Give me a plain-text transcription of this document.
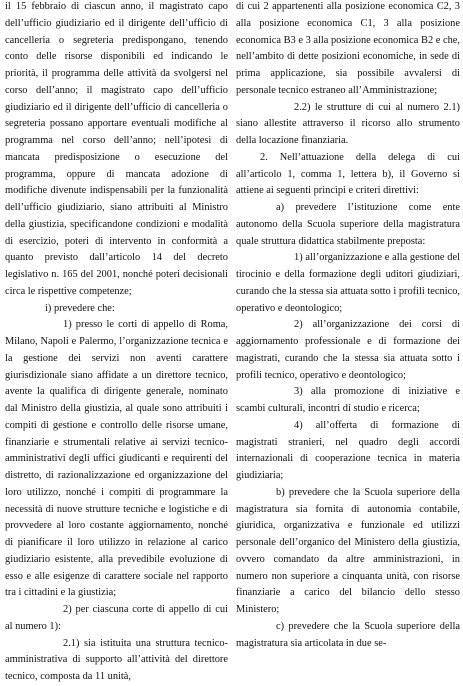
il 15 febbraio di ciascun anno, il magistrato capo dell’ufficio giudiziario ed il dirigente dell’ufficio di cancelleria o segreteria predispongano, tenendo conto delle risorse disponibili ed indicando le priorità, il programma delle attività da svolgersi nel corso dell’anno; il magistrato capo dell’ufficio giudiziario ed il dirigente dell’ufficio di cancelleria o segreteria possano apportare eventuali modifiche al programma nel corso dell’anno; nell’ipotesi di mancata predisposizione o esecuzione del programma, oppure di mancata adozione di modifiche divenute indispensabili per la funzionalità dell’ufficio giudiziario, siano attribuiti al Ministro della giustizia, specificandone condizioni e modalità di esercizio, poteri di intervento in conformità a quanto previsto dall’articolo 14 del decreto legislativo n. 165 del 2001, nonché poteri decisionali circa le rispettive competenze;

i) prevedere che:

1) presso le corti di appello di Roma, Milano, Napoli e Palermo, l’organizzazione tecnica e la gestione dei servizi non aventi carattere giurisdizionale siano affidate a un direttore tecnico, avente la qualifica di dirigente generale, nominato dal Ministro della giustizia, al quale sono attribuiti i compiti di gestione e controllo delle risorse umane, finanziarie e strumentali relative ai servizi tecnico-amministrativi degli uffici giudicanti e requirenti del distretto, di razionalizzazione ed organizzazione del loro utilizzo, nonché i compiti di programmare la necessità di nuove strutture tecniche e logistiche e di provvedere al loro costante aggiornamento, nonché di pianificare il loro utilizzo in relazione al carico giudiziario esistente, alla prevedibile evoluzione di esso e alle esigenze di carattere sociale nel rapporto tra i cittadini e la giustizia;

2) per ciascuna corte di appello di cui al numero 1):

2.1) sia istituita una struttura tecnico-amministrativa di supporto all’attività del direttore tecnico, composta da 11 unità,

di cui 2 appartenenti alla posizione economica C2, 3 alla posizione economica C1, 3 alla posizione economica B3 e 3 alla posizione economica B2 e che, nell’ambito di dette posizioni economiche, in sede di prima applicazione, sia possibile avvalersi di personale tecnico estraneo all’Amministrazione;

2.2) le strutture di cui al numero 2.1) siano allestite attraverso il ricorso allo strumento della locazione finanziaria.

2. Nell’attuazione della delega di cui all’articolo 1, comma 1, lettera b), il Governo si attiene ai seguenti princìpi e criteri direttivi:

a) prevedere l’istituzione come ente autonomo della Scuola superiore della magistratura quale struttura didattica stabilmente preposta:

1) all’organizzazione e alla gestione del tirocinio e della formazione degli uditori giudiziari, curando che la stessa sia attuata sotto i profili tecnico, operativo e deontologico;

2) all’organizzazione dei corsi di aggiornamento professionale e di formazione dei magistrati, curando che la stessa sia attuata sotto i profili tecnico, operativo e deontologico;

3) alla promozione di iniziative e scambi culturali, incontri di studio e ricerca;

4) all’offerta di formazione di magistrati stranieri, nel quadro degli accordi internazionali di cooperazione tecnica in materia giudiziaria;

b) prevedere che la Scuola superiore della magistratura sia fornita di autonomia contabile, giuridica, organizzativa e funzionale ed utilizzi personale dell’organico del Ministero della giustizia, ovvero comandato da altre amministrazioni, in numero non superiore a cinquanta unità, con risorse finanziarie a carico del bilancio dello stesso Ministero;

c) prevedere che la Scuola superiore della magistratura sia articolata in due se-
